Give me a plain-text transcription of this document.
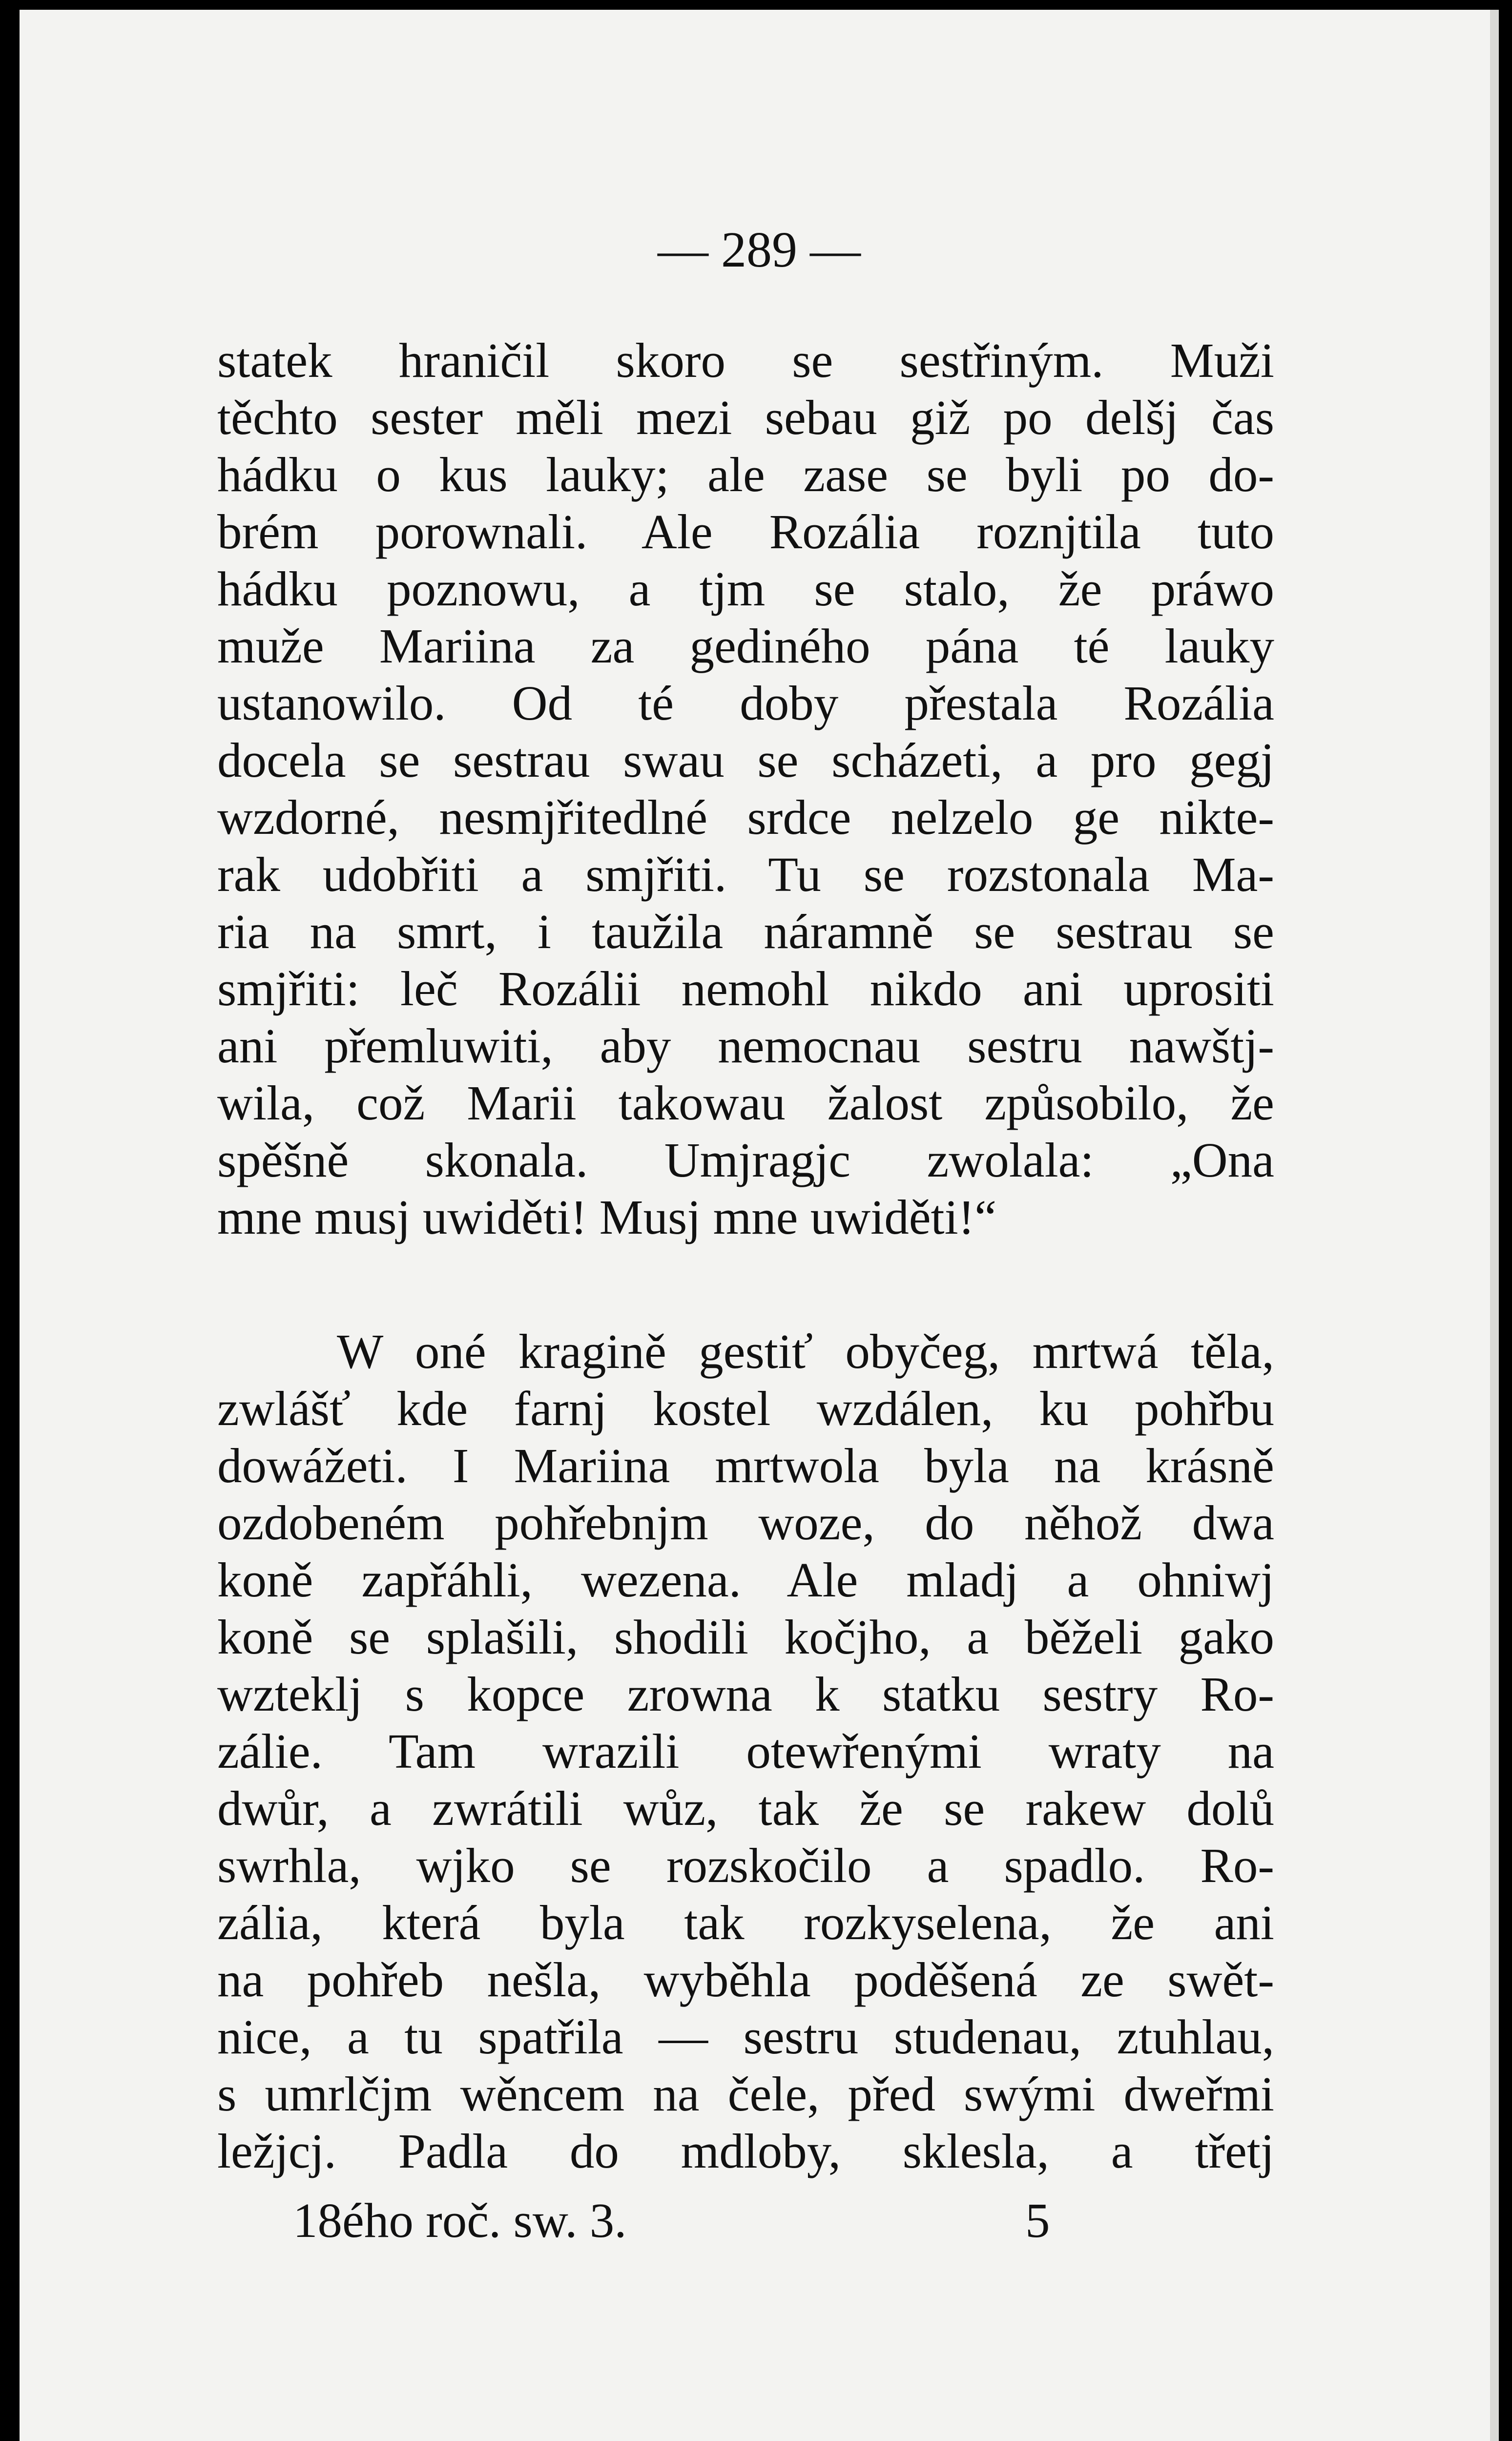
— 289 —
statek hraničil skoro se sestřiným. Muži
těchto sester měli mezi sebau giž po delšj čas
hádku o kus lauky; ale zase se byli po do-
brém porownali. Ale Rozália roznjtila tuto
hádku poznowu, a tjm se stalo, že práwo
muže Mariina za gediného pána té lauky
ustanowilo. Od té doby přestala Rozália
docela se sestrau swau se scházeti, a pro gegj
wzdorné, nesmjřitedlné srdce nelzelo ge nikte-
rak udobřiti a smjřiti. Tu se rozstonala Ma-
ria na smrt, i taužila náramně se sestrau se
smjřiti: leč Rozálii nemohl nikdo ani uprositi
ani přemluwiti, aby nemocnau sestru nawštj-
wila, což Marii takowau žalost způsobilo, že
spěšně skonala. Umjragjc zwolala: „Ona
mne musj uwiděti! Musj mne uwiděti!“
W oné kragině gestiť obyčeg, mrtwá těla,
zwlášť kde farnj kostel wzdálen, ku pohřbu
dowážeti. I Mariina mrtwola byla na krásně
ozdobeném pohřebnjm woze, do něhož dwa
koně zapřáhli, wezena. Ale mladj a ohniwj
koně se splašili, shodili kočjho, a běželi gako
wzteklj s kopce zrowna k statku sestry Ro-
zálie. Tam wrazili otewřenými wraty na
dwůr, a zwrátili wůz, tak že se rakew dolů
swrhla, wjko se rozskočilo a spadlo. Ro-
zália, která byla tak rozkyselena, že ani
na pohřeb nešla, wyběhla poděšená ze swět-
nice, a tu spatřila — sestru studenau, ztuhlau,
s umrlčjm wěncem na čele, před swými dweřmi
ležjcj. Padla do mdloby, sklesla, a třetj
18ého roč. sw. 3.	5
